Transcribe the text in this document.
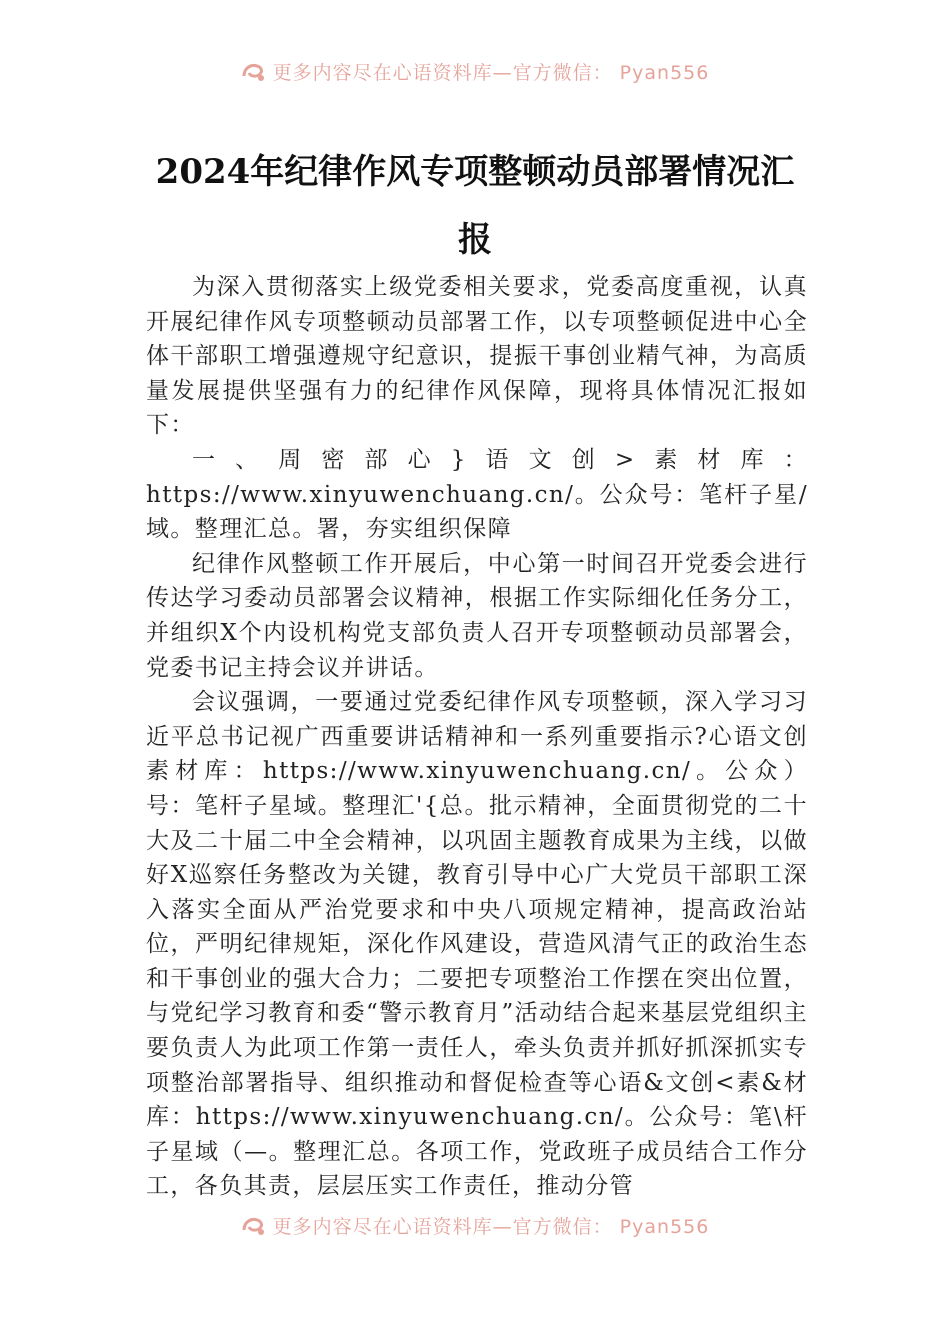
更多内容尽在心语资料库—官方微信： Pyan556
2024年纪律作风专项整顿动员部署情况汇
报

为深入贯彻落实上级党委相关要求，党委高度重视，认真开展纪律作风专项整顿动员部署工作，以专项整顿促进中心全体干部职工增强遵规守纪意识，提振干事创业精气神，为高质量发展提供坚强有力的纪律作风保障，现将具体情况汇报如下：

一、周密部心}语文创>素材库：https://www.xinyuwenchuang.cn/。公众号：笔杆子星/域。整理汇总。署，夯实组织保障

纪律作风整顿工作开展后，中心第一时间召开党委会进行传达学习委动员部署会议精神，根据工作实际细化任务分工，并组织X个内设机构党支部负责人召开专项整顿动员部署会，党委书记主持会议并讲话。

会议强调，一要通过党委纪律作风专项整顿，深入学习习近平总书记视广西重要讲话精神和一系列重要指示?心语文创素材库：https://www.xinyuwenchuang.cn/。公众）号：笔杆子星域。整理汇'{总。批示精神，全面贯彻党的二十大及二十届二中全会精神，以巩固主题教育成果为主线，以做好X巡察任务整改为关键，教育引导中心广大党员干部职工深入落实全面从严治党要求和中央八项规定精神，提高政治站位，严明纪律规矩，深化作风建设，营造风清气正的政治生态和干事创业的强大合力；二要把专项整治工作摆在突出位置，与党纪学习教育和委“警示教育月”活动结合起来基层党组织主要负责人为此项工作第一责任人，牵头负责并抓好抓深抓实专项整治部署指导、组织推动和督促检查等心语&文创<素&材库：https://www.xinyuwenchuang.cn/。公众号：笔\杆子星域（—。整理汇总。各项工作，党政班子成员结合工作分工，各负其责，层层压实工作责任，推动分管

更多内容尽在心语资料库—官方微信： Pyan556
